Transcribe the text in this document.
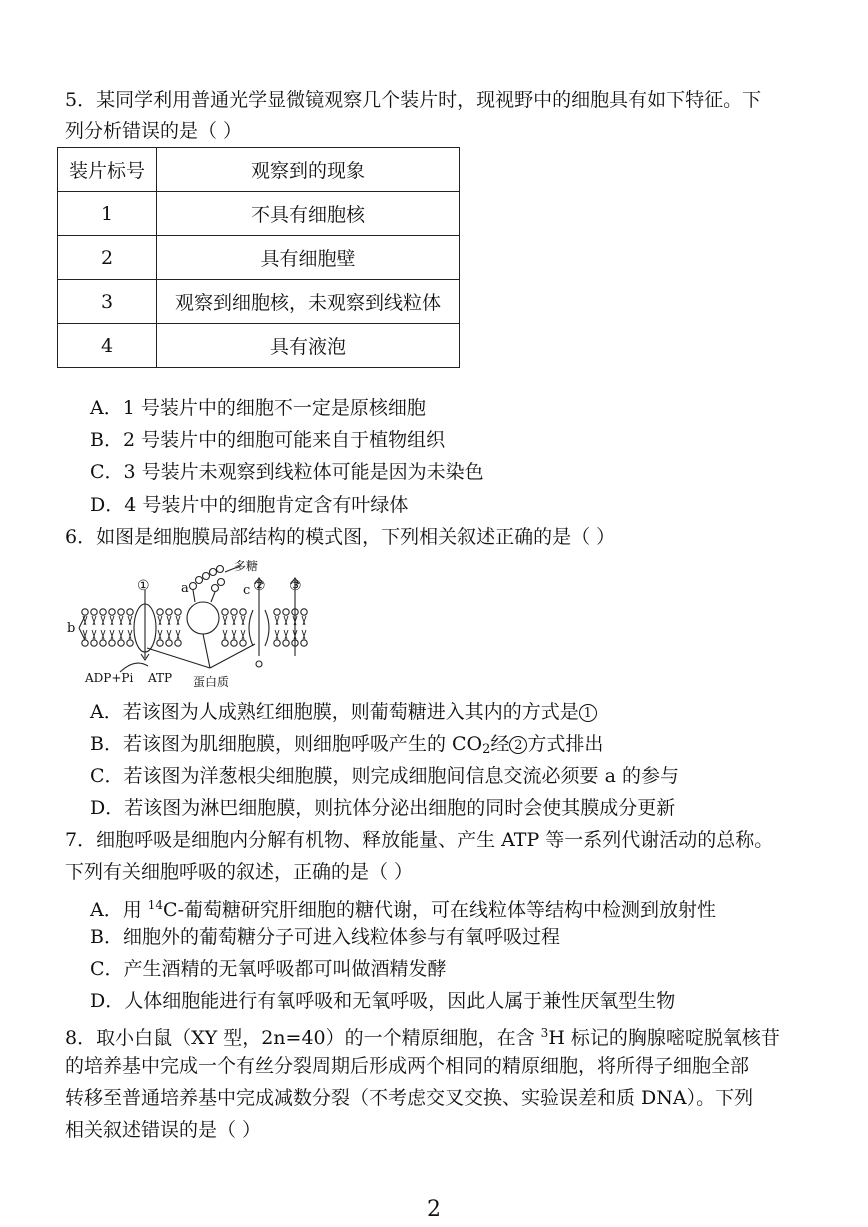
5．某同学利用普通光学显微镜观察几个装片时，现视野中的细胞具有如下特征。下
列分析错误的是（ ）
装片标号	观察到的现象
1	不具有细胞核
2	具有细胞壁
3	观察到细胞核，未观察到线粒体
4	具有液泡
A．1 号装片中的细胞不一定是原核细胞
B．2 号装片中的细胞可能来自于植物组织
C．3 号装片未观察到线粒体可能是因为未染色
D．4 号装片中的细胞肯定含有叶绿体
6．如图是细胞膜局部结构的模式图，下列相关叙述正确的是（ ）
多糖
a
b
c
①	② ③
ADP+Pi ATP 蛋白质
A．若该图为人成熟红细胞膜，则葡萄糖进入其内的方式是 1
B．若该图为肌细胞膜，则细胞呼吸产生的 $CO_2$经 2 方式排出
C．若该图为洋葱根尖细胞膜，则完成细胞间信息交流必须要 a 的参与
D．若该图为淋巴细胞膜，则抗体分泌出细胞的同时会使其膜成分更新
7．细胞呼吸是细胞内分解有机物、释放能量、产生 ATP 等一系列代谢活动的总称。
下列有关细胞呼吸的叙述，正确的是（ ）
A．用 $^{14}$C-葡萄糖研究肝细胞的糖代谢，可在线粒体等结构中检测到放射性
B．细胞外的葡萄糖分子可进入线粒体参与有氧呼吸过程
C．产生酒精的无氧呼吸都可叫做酒精发酵
D．人体细胞能进行有氧呼吸和无氧呼吸，因此人属于兼性厌氧型生物
8．取小白鼠（XY 型，2n=40）的一个精原细胞，在含 $^3$H 标记的胸腺嘧啶脱氧核苷
的培养基中完成一个有丝分裂周期后形成两个相同的精原细胞，将所得子细胞全部
转移至普通培养基中完成减数分裂（不考虑交叉交换、实验误差和质 DNA）。下列
相关叙述错误的是（ ）
2
